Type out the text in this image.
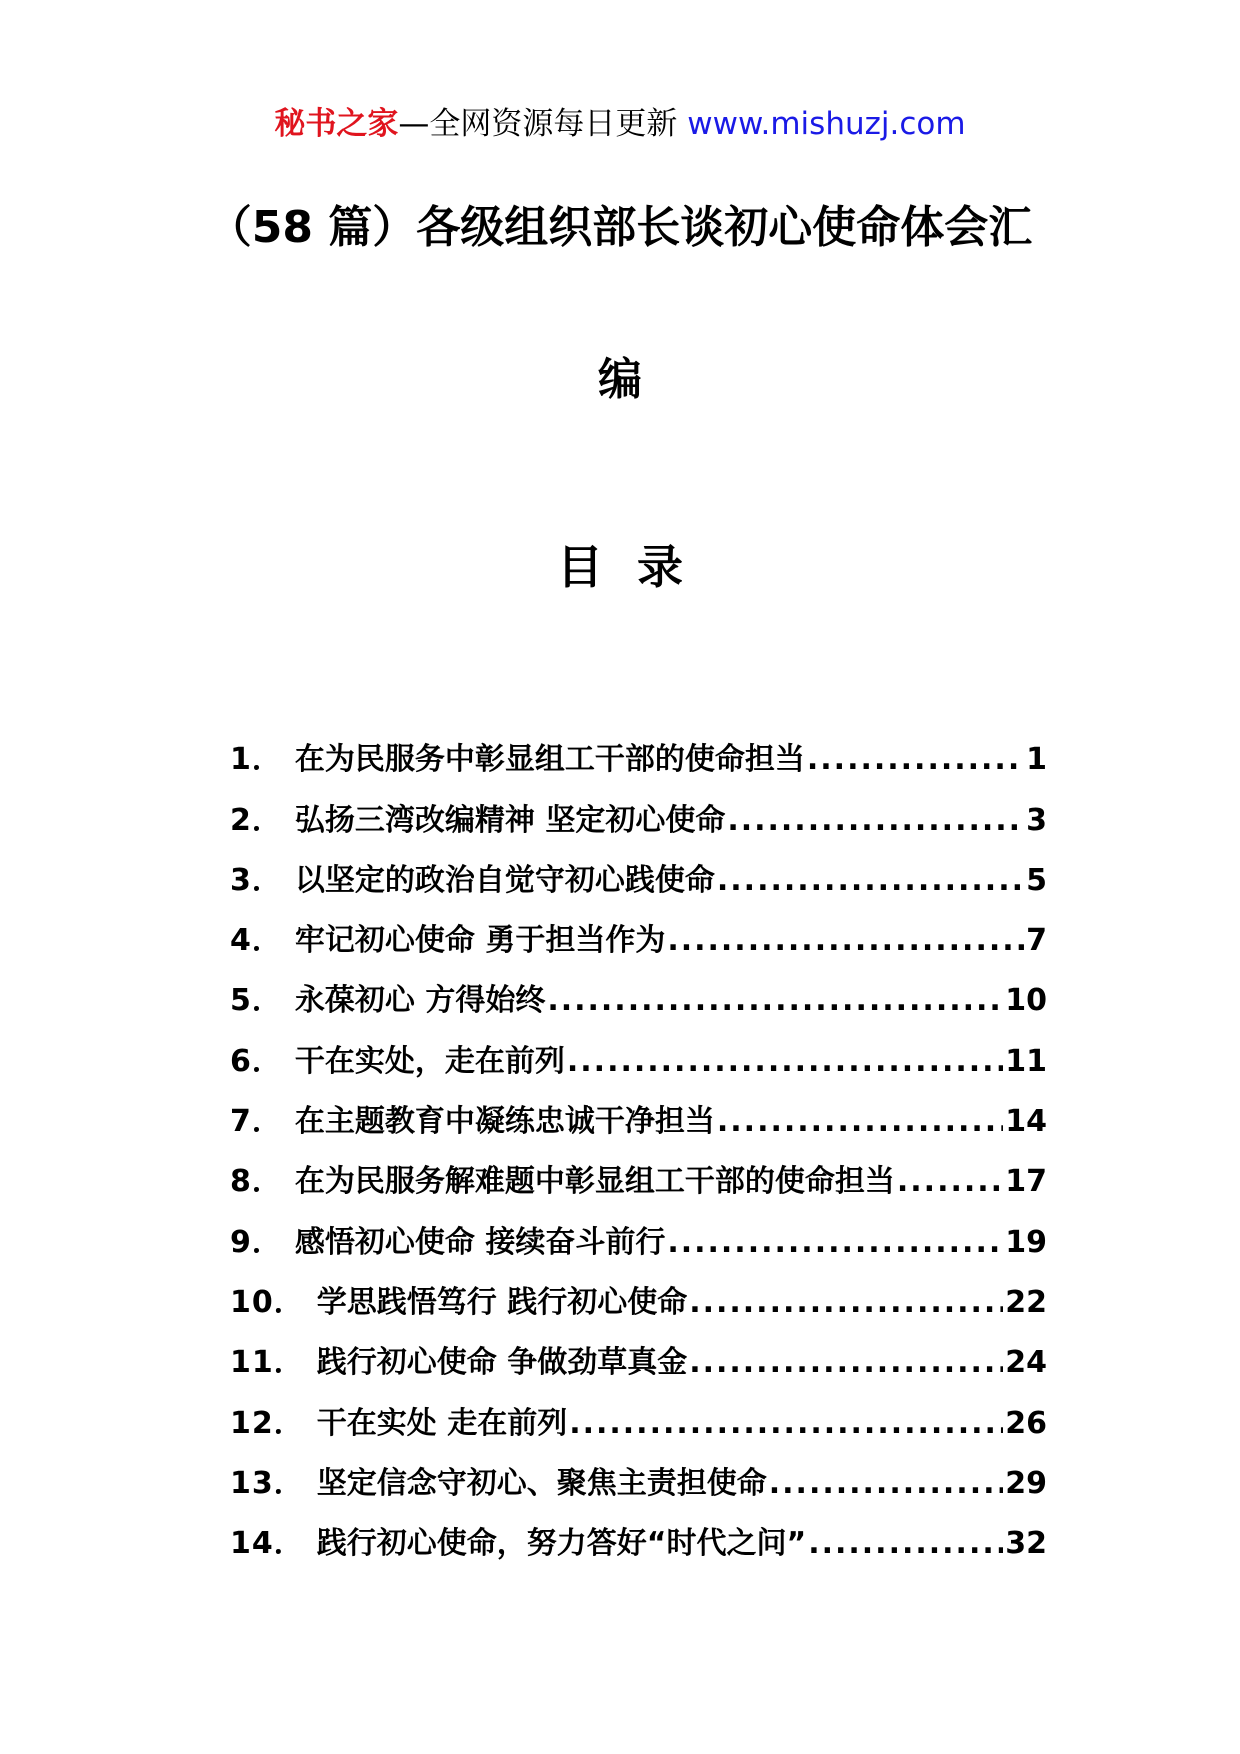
秘书之家—全网资源每日更新 www.mishuzj.com
（58 篇）各级组织部长谈初心使命体会汇
编
目录
1． 在为民服务中彰显组工干部的使命担当 .....	1
2． 弘扬三湾改编精神 坚定初心使命 .....	3
3． 以坚定的政治自觉守初心践使命 .....	5
4． 牢记初心使命 勇于担当作为 .....	7
5． 永葆初心 方得始终 .....	10
6． 干在实处，走在前列 .....	11
7． 在主题教育中凝练忠诚干净担当 .....	14
8． 在为民服务解难题中彰显组工干部的使命担当 .....	17
9． 感悟初心使命 接续奋斗前行 .....	19
10． 学思践悟笃行 践行初心使命 .....	22
11． 践行初心使命 争做劲草真金 .....	24
12． 干在实处 走在前列 .....	26
13． 坚定信念守初心、聚焦主责担使命 .....	29
14． 践行初心使命，努力答好“时代之问” .....	32
